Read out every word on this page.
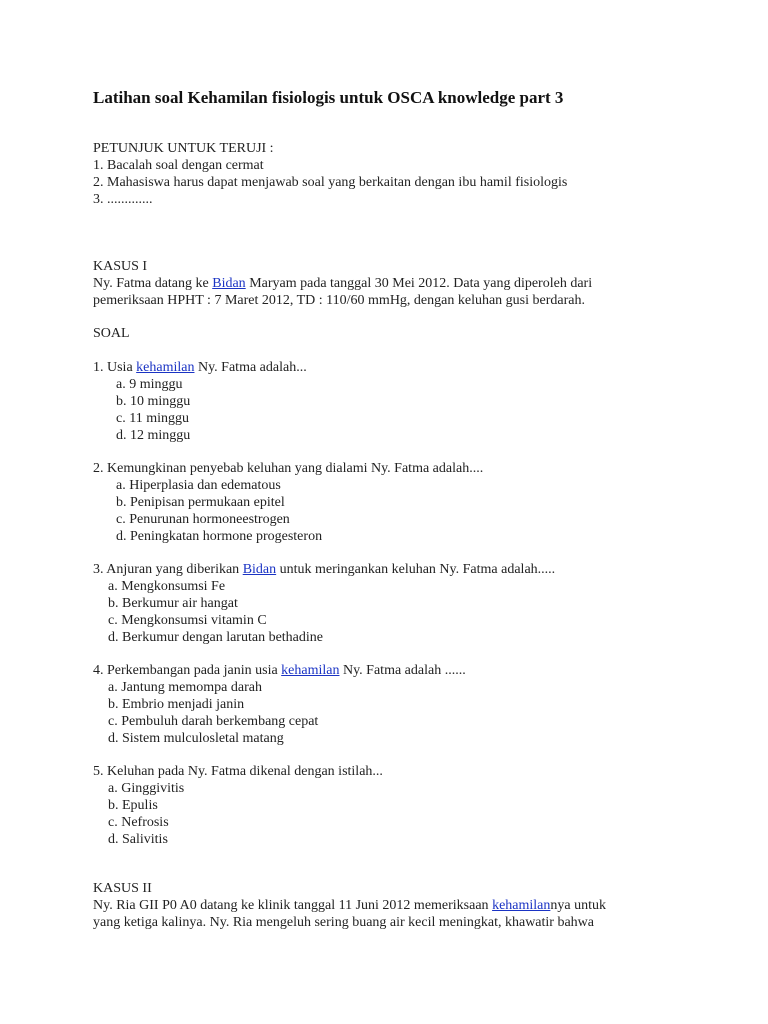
Latihan soal Kehamilan fisiologis untuk OSCA knowledge part 3
PETUNJUK UNTUK TERUJI :
1. Bacalah soal dengan cermat
2. Mahasiswa harus dapat menjawab soal yang berkaitan dengan ibu hamil fisiologis
3. .............
KASUS I
Ny. Fatma datang ke Bidan Maryam pada tanggal 30 Mei 2012. Data yang diperoleh dari
pemeriksaan HPHT : 7 Maret 2012, TD : 110/60 mmHg, dengan keluhan gusi berdarah.
SOAL
1. Usia kehamilan Ny. Fatma adalah...
a. 9 minggu
b. 10 minggu
c. 11 minggu
d. 12 minggu
2. Kemungkinan penyebab keluhan yang dialami Ny. Fatma adalah....
a. Hiperplasia dan edematous
b. Penipisan permukaan epitel
c. Penurunan hormoneestrogen
d. Peningkatan hormone progesteron
3. Anjuran yang diberikan Bidan untuk meringankan keluhan Ny. Fatma adalah.....
a. Mengkonsumsi Fe
b. Berkumur air hangat
c. Mengkonsumsi vitamin C
d. Berkumur dengan larutan bethadine
4. Perkembangan pada janin usia kehamilan Ny. Fatma adalah ......
a. Jantung memompa darah
b. Embrio menjadi janin
c. Pembuluh darah berkembang cepat
d. Sistem mulculosletal matang
5. Keluhan pada Ny. Fatma dikenal dengan istilah...
a. Ginggivitis
b. Epulis
c. Nefrosis
d. Salivitis
KASUS II
Ny. Ria GII P0 A0 datang ke klinik tanggal 11 Juni 2012 memeriksaan kehamilannya untuk
yang ketiga kalinya. Ny. Ria mengeluh sering buang air kecil meningkat, khawatir bahwa
